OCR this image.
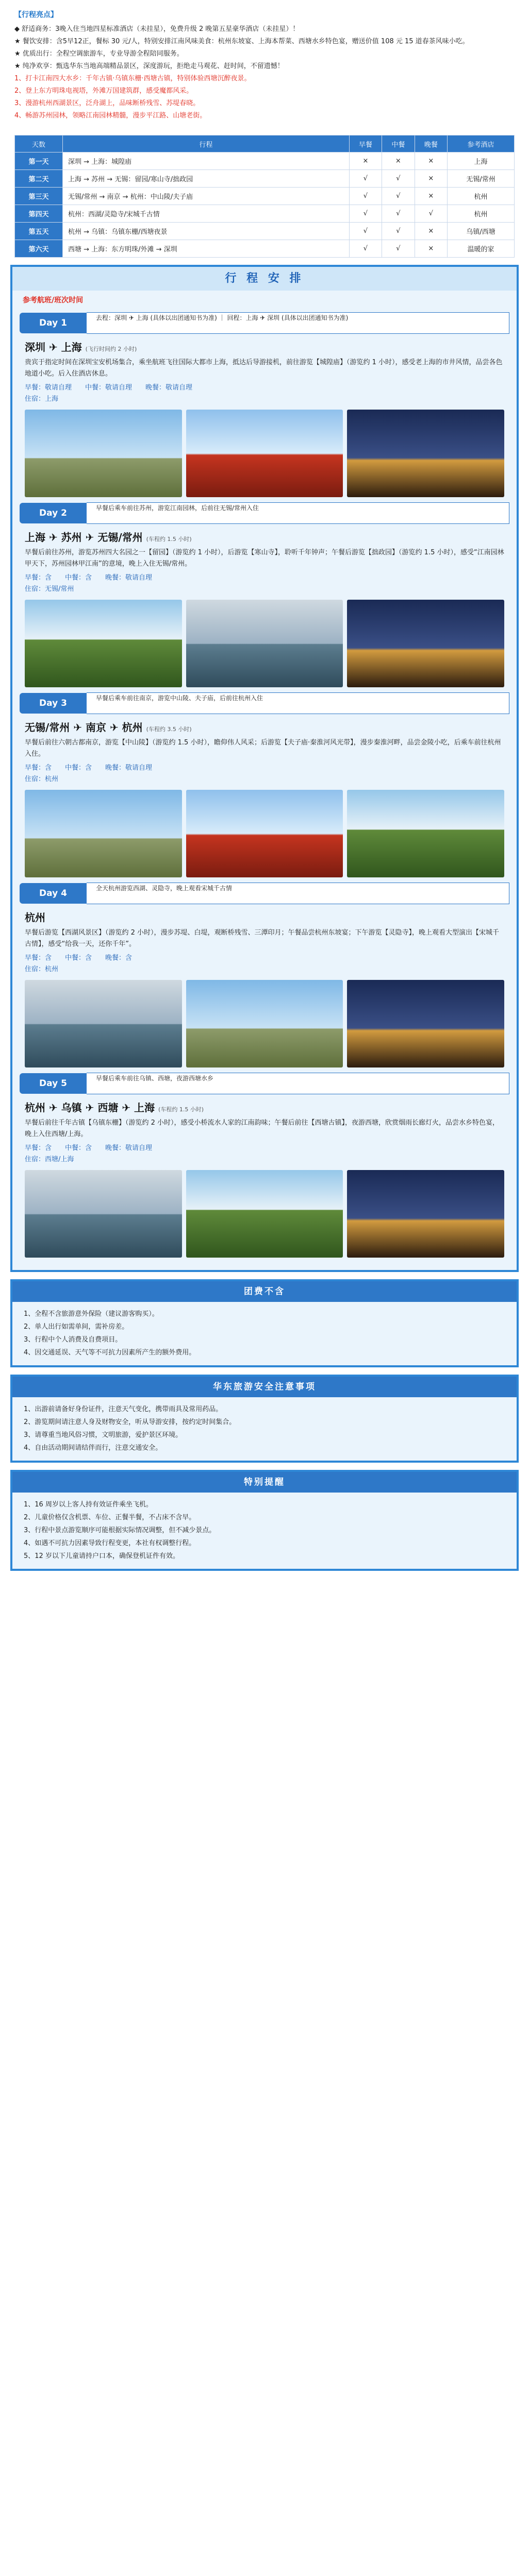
【行程亮点】
◆ 舒适商务：3晚入住当地四星标准酒店（未挂星），免费升级 2 晚第五星豪华酒店（未挂星）！
★ 餐饮安排：含5早12正，餐标 30 元/人，特别安排江南风味美食：杭州东坡宴、上海本帮菜、西塘水乡特色宴，赠送价值 108 元 15 道春茶风味小吃。
★ 优质出行：全程空调旅游车，专业导游全程陪同服务。
★ 纯净欢享：甄选华东当地高端精品景区，深度游玩，拒绝走马观花、赶时间，不留遗憾！
1、打卡江南四大水乡：千年古镇·乌镇东栅·西塘古镇，特别体验西塘沉醉夜景。
2、登上东方明珠电视塔，外滩万国建筑群，感受魔都风采。
3、漫游杭州西湖景区，泛舟湖上，品味断桥残雪、苏堤春晓。
4、畅游苏州园林，领略江南园林精髓，漫步平江路、山塘老街。
天数	行程	早餐	中餐	晚餐	参考酒店
第一天	深圳 → 上海：城隍庙	×	×	×	上海
第二天	上海 → 苏州 → 无锡：留园/寒山寺/拙政园	√	√	×	无锡/常州
第三天	无锡/常州 → 南京 → 杭州：中山陵/夫子庙	√	√	×	杭州
第四天	杭州：西湖/灵隐寺/宋城千古情	√	√	√	杭州
第五天	杭州 → 乌镇：乌镇东栅/西塘夜景	√	√	×	乌镇/西塘
第六天	西塘 → 上海：东方明珠/外滩 → 深圳	√	√	×	温暖的家
行 程 安 排
参考航班/班次时间
Day 1	去程：深圳 ✈ 上海 (具体以出团通知书为准) ｜ 回程：上海 ✈ 深圳 (具体以出团通知书为准)
深圳 ✈ 上海 (飞行时间约 2 小时)
贵宾于指定时间在深圳宝安机场集合，乘坐航班飞往国际大都市上海，抵达后导游接机，前往游览【城隍庙】（游览约 1 小时），感受老上海的市井风情，品尝各色地道小吃。后入住酒店休息。
早餐：敬请自理　　中餐：敬请自理　　晚餐：敬请自理
住宿：上海
Day 2	早餐后乘车前往苏州，游览江南园林，后前往无锡/常州入住
上海 ✈ 苏州 ✈ 无锡/常州 (车程约 1.5 小时)
早餐后前往苏州，游览苏州四大名园之一【留园】（游览约 1 小时），后游览【寒山寺】，聆听千年钟声；午餐后游览【拙政园】（游览约 1.5 小时），感受“江南园林甲天下，苏州园林甲江南”的意境，晚上入住无锡/常州。
早餐：含　　中餐：含　　晚餐：敬请自理
住宿：无锡/常州
Day 3	早餐后乘车前往南京，游览中山陵、夫子庙，后前往杭州入住
无锡/常州 ✈ 南京 ✈ 杭州 (车程约 3.5 小时)
早餐后前往六朝古都南京，游览【中山陵】（游览约 1.5 小时），瞻仰伟人风采；后游览【夫子庙·秦淮河风光带】，漫步秦淮河畔，品尝金陵小吃，后乘车前往杭州入住。
早餐：含　　中餐：含　　晚餐：敬请自理
住宿：杭州
Day 4	全天杭州游览西湖、灵隐寺，晚上观看宋城千古情
杭州
早餐后游览【西湖风景区】（游览约 2 小时），漫步苏堤、白堤，观断桥残雪、三潭印月；午餐品尝杭州东坡宴；下午游览【灵隐寺】，晚上观看大型演出【宋城千古情】，感受“给我一天，还你千年”。
早餐：含　　中餐：含　　晚餐：含
住宿：杭州
Day 5	早餐后乘车前往乌镇、西塘，夜游西塘水乡
杭州 ✈ 乌镇 ✈ 西塘 ✈ 上海 (车程约 1.5 小时)
早餐后前往千年古镇【乌镇东栅】（游览约 2 小时），感受小桥流水人家的江南韵味；午餐后前往【西塘古镇】，夜游西塘，欣赏烟雨长廊灯火，品尝水乡特色宴，晚上入住西塘/上海。
早餐：含　　中餐：含　　晚餐：敬请自理
住宿：西塘/上海
团费不含

1、全程不含旅游意外保险（建议游客购买）。

2、单人出行如需单间，需补房差。

3、行程中个人消费及自费项目。

4、因交通延误、天气等不可抗力因素所产生的额外费用。

华东旅游安全注意事项

1、出游前请备好身份证件，注意天气变化，携带雨具及常用药品。

2、游览期间请注意人身及财物安全，听从导游安排，按约定时间集合。

3、请尊重当地风俗习惯，文明旅游，爱护景区环境。

4、自由活动期间请结伴而行，注意交通安全。

特别提醒

1、16 周岁以上客人持有效证件乘坐飞机。

2、儿童价格仅含机票、车位、正餐半餐，不占床不含早。

3、行程中景点游览顺序可能根据实际情况调整，但不减少景点。

4、如遇不可抗力因素导致行程变更，本社有权调整行程。

5、12 岁以下儿童请持户口本，确保登机证件有效。
